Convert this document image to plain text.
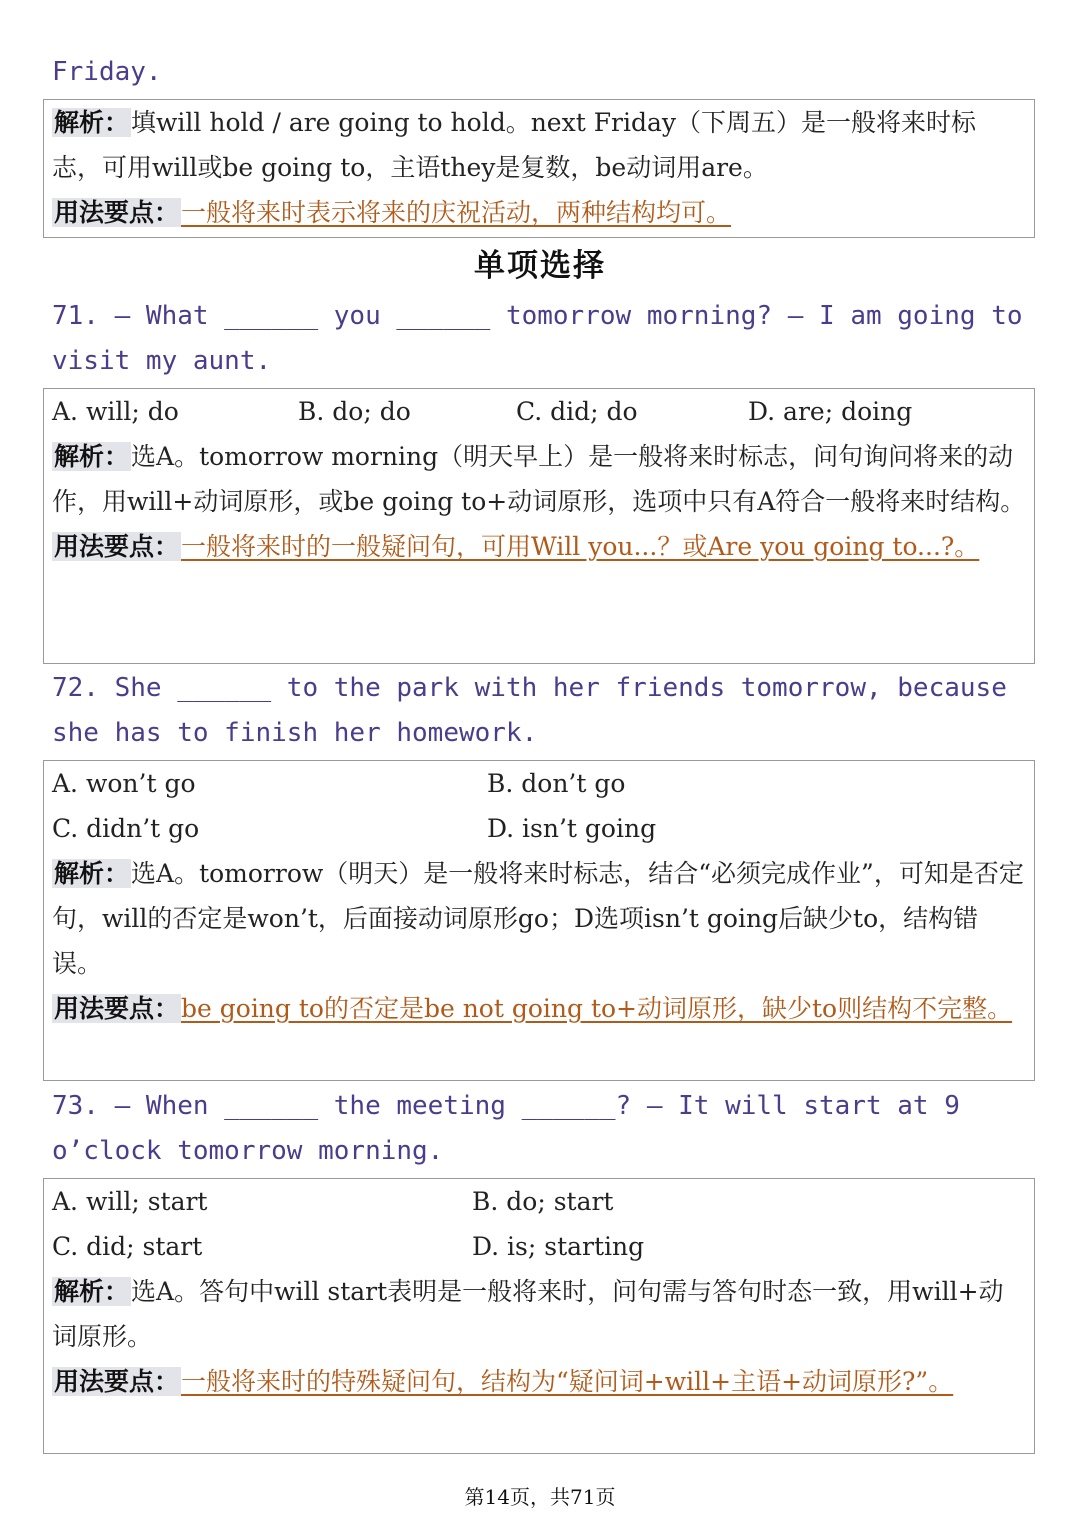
Friday.

解析：填will hold / are going to hold。next Friday（下周五）是一般将来时标志，可用will或be going to，主语they是复数，be动词用are。

用法要点：一般将来时表示将来的庆祝活动，两种结构均可。

单项选择

71. — What ______ you ______ tomorrow morning? — I am going to visit my aunt.

A. will; do	B. do; do	C. did; do	D. are; doing

解析：选A。tomorrow morning（明天早上）是一般将来时标志，问句询问将来的动作，用will+动词原形，或be going to+动词原形，选项中只有A符合一般将来时结构。

用法要点：一般将来时的一般疑问句，可用Will you...？或Are you going to...?。

72. She ______ to the park with her friends tomorrow, because she has to finish her homework.

A. won’t go	B. don’t go
C. didn’t go	D. isn’t going

解析：选A。tomorrow（明天）是一般将来时标志，结合“必须完成作业”，可知是否定句，will的否定是won’t，后面接动词原形go；D选项isn’t going后缺少to，结构错误。

用法要点：be going to的否定是be not going to+动词原形，缺少to则结构不完整。

73. — When ______ the meeting ______? — It will start at 9 o’clock tomorrow morning.

A. will; start	B. do; start
C. did; start	D. is; starting

解析：选A。答句中will start表明是一般将来时，问句需与答句时态一致，用will+动词原形。

用法要点：一般将来时的特殊疑问句，结构为“疑问词+will+主语+动词原形?”。

第14页，共71页
